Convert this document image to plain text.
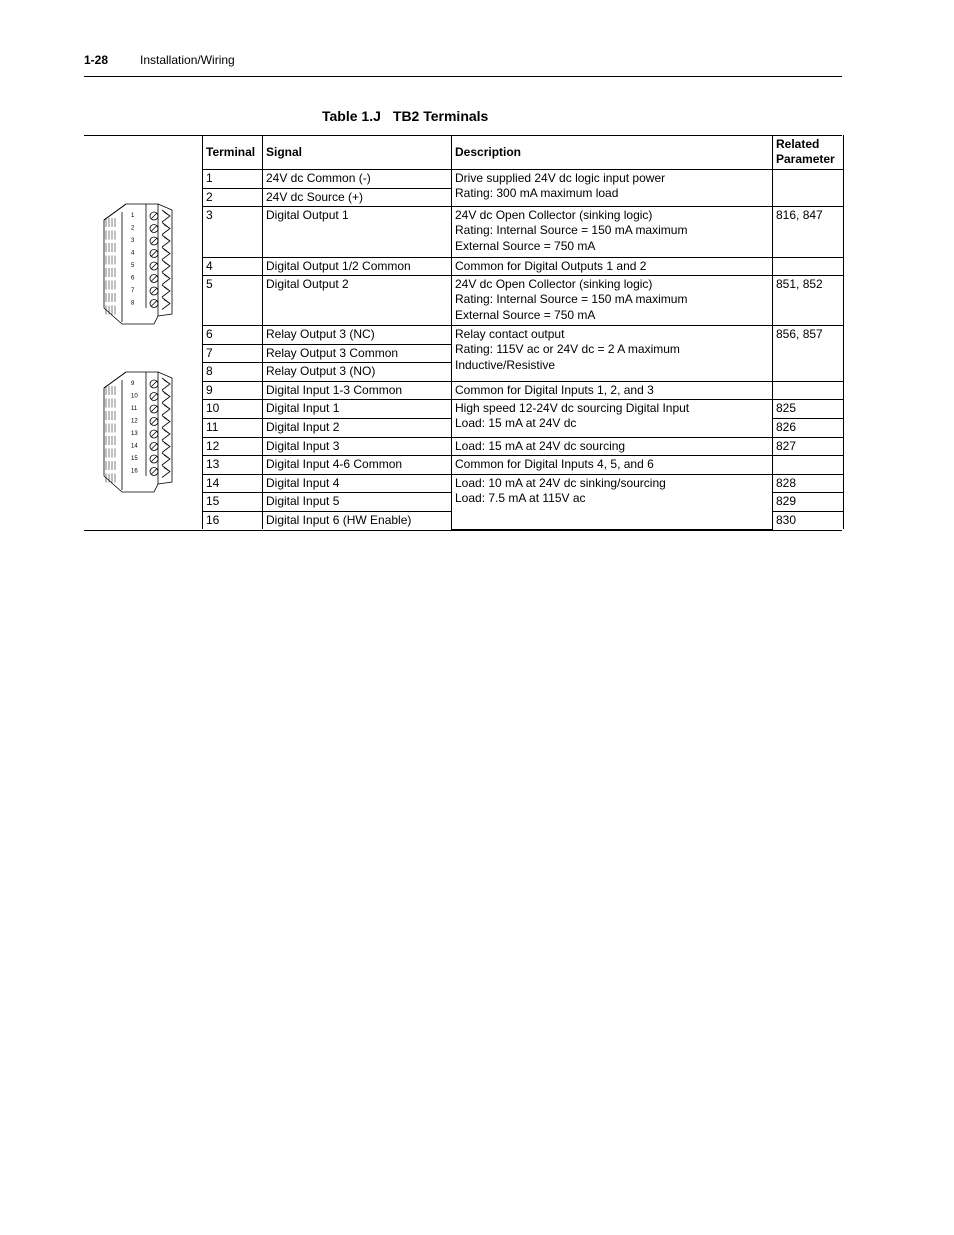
1-28	Installation/Wiring
Table 1.J TB2 Terminals
1
2
3
4
5
6
7
8
9
10
11
12
13
14
15
16
Terminal	Signal	Description	Related Parameter
1	24V dc Common (-)	Drive supplied 24V dc logic input power
Rating: 300 mA maximum load	

2	24V dc Source (+)		
3	Digital Output 1	24V dc Open Collector (sinking logic)
Rating: Internal Source = 150 mA maximum
External Source = 750 mA	816, 847
4	Digital Output 1/2 Common	Common for Digital Outputs 1 and 2	

5	Digital Output 2	24V dc Open Collector (sinking logic)
Rating: Internal Source = 150 mA maximum
External Source = 750 mA	851, 852
6	Relay Output 3 (NC)	Relay contact output
Rating: 115V ac or 24V dc = 2 A maximum Inductive/Resistive	856, 857
7	Relay Output 3 Common		
8	Relay Output 3 (NO)		
9	Digital Input 1-3 Common	Common for Digital Inputs 1, 2, and 3	

10	Digital Input 1	High speed 12-24V dc sourcing Digital Input
Load: 15 mA at 24V dc	825
11	Digital Input 2		826
12	Digital Input 3	Load: 15 mA at 24V dc sourcing	827
13	Digital Input 4-6 Common	Common for Digital Inputs 4, 5, and 6	

14	Digital Input 4	Load: 10 mA at 24V dc sinking/sourcing
Load: 7.5 mA at 115V ac	828
15	Digital Input 5		829
16	Digital Input 6 (HW Enable)		830
